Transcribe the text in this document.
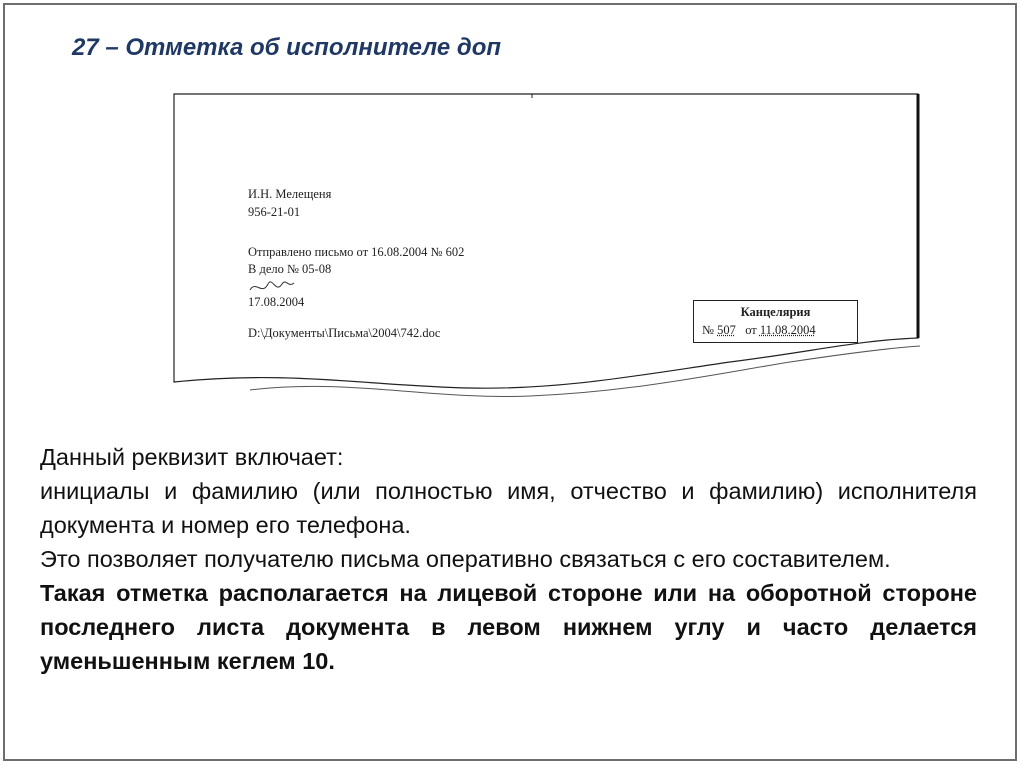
27 – Отметка об исполнителе доп
И.Н. Мелещеня
956-21-01
Отправлено письмо от 16.08.2004 № 602
В дело № 05-08
17.08.2004
D:\Документы\Письма\2004\742.doc
Канцелярия
№ 507 от 11.08.2004

Данный реквизит включает:

инициалы и фамилию (или полностью имя, отчество и фамилию) исполнителя документа и номер его телефона.

Это позволяет получателю письма оперативно связаться с его составителем.

Такая отметка располагается на лицевой стороне или на оборотной стороне последнего листа документа в левом нижнем углу и часто делается уменьшенным кеглем 10.
